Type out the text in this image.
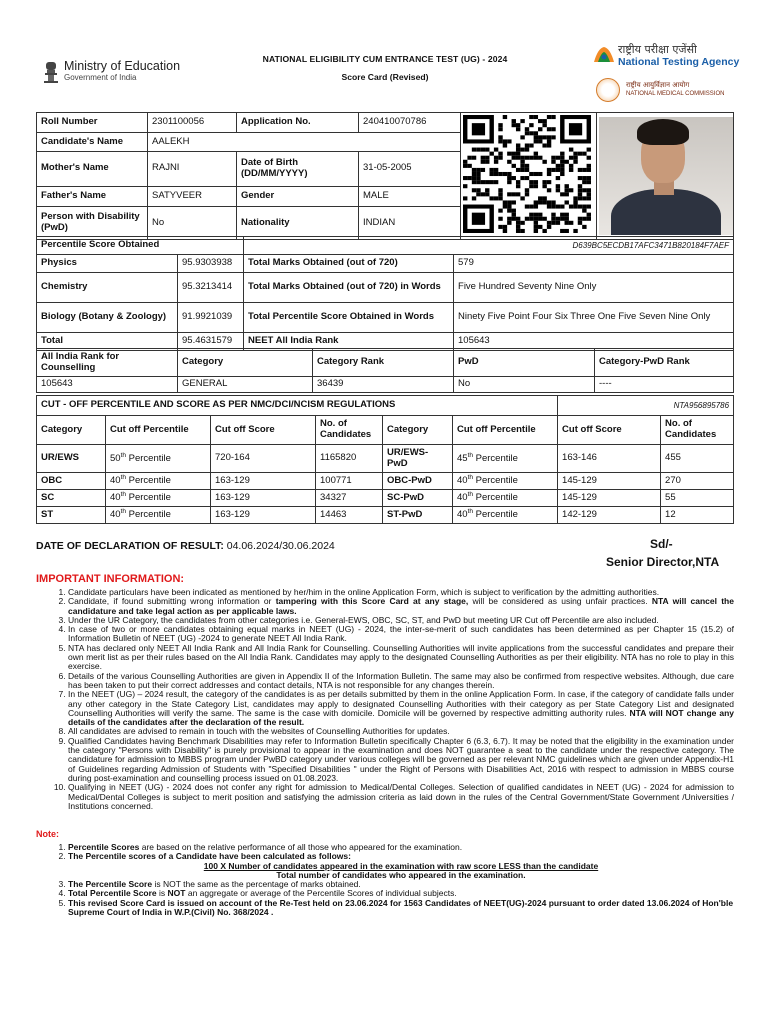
Ministry of Education
Government of India
NATIONAL ELIGIBILITY CUM ENTRANCE TEST (UG) - 2024
Score Card (Revised)
राष्ट्रीय परीक्षा एजेंसी
National Testing Agency
राष्ट्रीय आयुर्विज्ञान आयोग
NATIONAL MEDICAL COMMISSION
Roll Number	2301100056	Application No.	240410070786		

Candidate's Name	AALEKH				
Mother's Name	RAJNI	Date of Birth (DD/MM/YYYY)	31-05-2005		
Father's Name	SATYVEER	Gender	MALE		
Person with Disability (PwD)	No	Nationality	INDIAN		

Percentile Score Obtained		D639BC5ECDB17AFC3471B820184F7AEF	
Physics	95.9303938	Total Marks Obtained (out of 720)	579
Chemistry	95.3213414	Total Marks Obtained (out of 720) in Words	Five Hundred Seventy Nine Only
Biology (Botany & Zoology)	91.9921039	Total Percentile Score Obtained in Words	Ninety Five Point Four Six Three One Five Seven Nine Only
Total	95.4631579	NEET All India Rank	105643
All India Rank for Counselling	Category	Category Rank	PwD	Category-PwD Rank
105643	GENERAL	36439	No	----
CUT - OFF PERCENTILE AND SCORE AS PER NMC/DCI/NCISM REGULATIONS						NTA956895786	
Category	Cut off Percentile	Cut off Score	No. of Candidates	Category	Cut off Percentile	Cut off Score	No. of Candidates
UR/EWS	50th Percentile	720-164	1165820	UR/EWS-PwD	45th Percentile	163-146	455
OBC	40th Percentile	163-129	100771	OBC-PwD	40th Percentile	145-129	270
SC	40th Percentile	163-129	34327	SC-PwD	40th Percentile	145-129	55
ST	40th Percentile	163-129	14463	ST-PwD	40th Percentile	142-129	12
DATE OF DECLARATION OF RESULT: 04.06.2024/30.06.2024	Sd/-
Senior Director,NTA
IMPORTANT INFORMATION:
1. Candidate particulars have been indicated as mentioned by her/him in the online Application Form, which is subject to verification by the admitting authorities.
2. Candidate, if found submitting wrong information or tampering with this Score Card at any stage, will be considered as using unfair practices. NTA will cancel the candidature and take legal action as per applicable laws.
3. Under the UR Category, the candidates from other categories i.e. General-EWS, OBC, SC, ST, and PwD but meeting UR Cut off Percentile are also included.
4. In case of two or more candidates obtaining equal marks in NEET (UG) - 2024, the inter-se-merit of such candidates has been determined as per Chapter 15 (15.2) of Information Bulletin of NEET (UG) -2024 to generate NEET All India Rank.
5. NTA has declared only NEET All India Rank and All India Rank for Counselling. Counselling Authorities will invite applications from the successful candidates and prepare their own merit list as per their rules based on the All India Rank. Candidates may apply to the designated Counselling Authorities as per their eligibility. NTA has no role to play in this exercise.
6. Details of the various Counselling Authorities are given in Appendix II of the Information Bulletin. The same may also be confirmed from respective websites. Although, due care has been taken to put their correct addresses and contact details, NTA is not responsible for any changes therein.
7. In the NEET (UG) – 2024 result, the category of the candidates is as per details submitted by them in the online Application Form. In case, if the category of candidate falls under any other category in the State Category List, candidates may apply to designated Counselling Authorities with their category as per State Category List and designated Counselling Authorities will verify the same. The same is the case with domicile. Domicile will be governed by respective admitting authority rules. NTA will NOT change any details of the candidates after the declaration of the result.
8. All candidates are advised to remain in touch with the websites of Counselling Authorities for updates.
9. Qualified Candidates having Benchmark Disabilities may refer to Information Bulletin specifically Chapter 6 (6.3, 6.7). It may be noted that the eligibility in the examination under the category "Persons with Disability" is purely provisional to appear in the examination and does NOT guarantee a seat to the candidate under the respective category. The candidature for admission to MBBS program under PwBD category under various colleges will be governed as per relevant NMC guidelines which are given under Appendix-H1 of Guidelines regarding Admission of Students with "Specified Disabilities " under the Right of Persons with Disabilities Act, 2016 with respect to admission in MBBS course during post-examination and counselling process issued on 01.08.2023.
10. Qualifying in NEET (UG) - 2024 does not confer any right for admission to Medical/Dental Colleges. Selection of qualified candidates in NEET (UG) - 2024 for admission to Medical/Dental Colleges is subject to merit position and satisfying the admission criteria as laid down in the rules of the Central Government/State Government /Universities / Institutions concerned.
Note:
1. Percentile Scores are based on the relative performance of all those who appeared for the examination.
2. The Percentile scores of a Candidate have been calculated as follows:
100 X Number of candidates appeared in the examination with raw score LESS than the candidate
Total number of candidates who appeared in the examination.
3. The Percentile Score is NOT the same as the percentage of marks obtained.
4. Total Percentile Score is NOT an aggregate or average of the Percentile Scores of individual subjects.
5. This revised Score Card is issued on account of the Re-Test held on 23.06.2024 for 1563 Candidates of NEET(UG)-2024 pursuant to order dated 13.06.2024 of Hon'ble Supreme Court of India in W.P.(Civil) No. 368/2024 .
